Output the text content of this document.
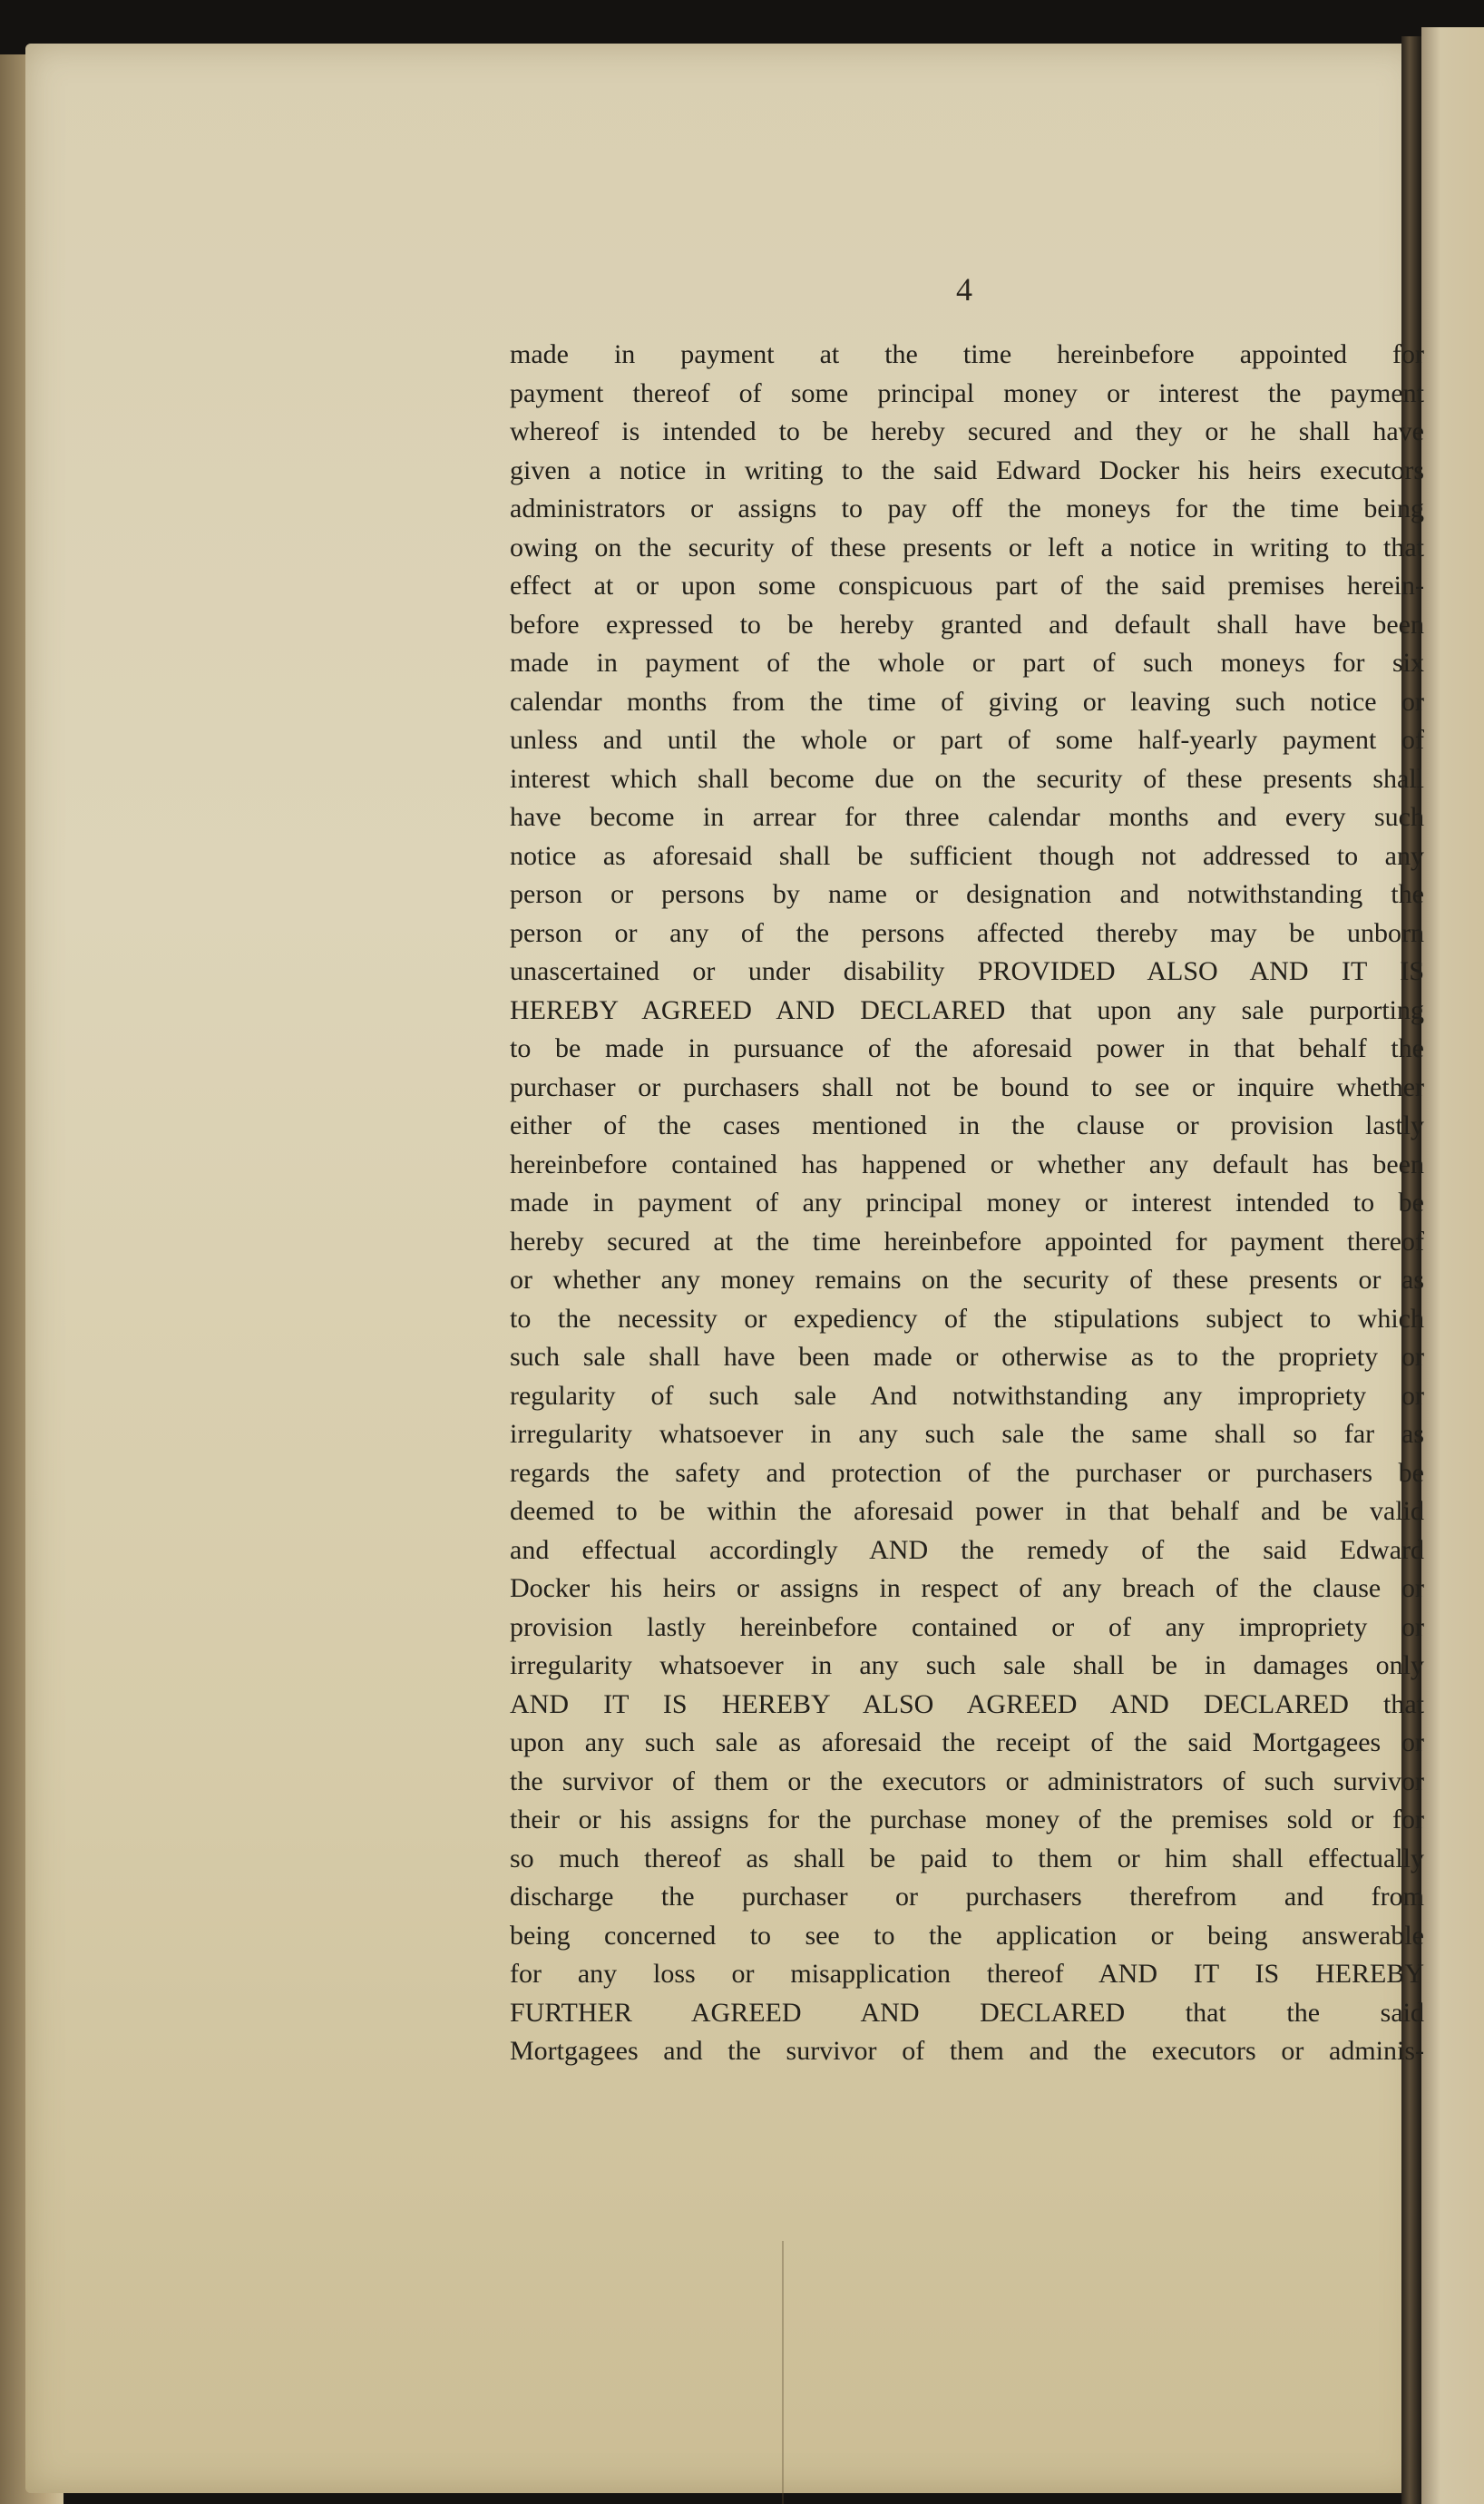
4
made in payment at the time hereinbefore appointed for
payment thereof of some principal money or interest the payment
whereof is intended to be hereby secured and they or he shall have
given a notice in writing to the said Edward Docker his heirs executors
administrators or assigns to pay off the moneys for the time being
owing on the security of these presents or left a notice in writing to that
effect at or upon some conspicuous part of the said premises herein-
before expressed to be hereby granted and default shall have been
made in payment of the whole or part of such moneys for six
calendar months from the time of giving or leaving such notice or
unless and until the whole or part of some half-yearly payment of
interest which shall become due on the security of these presents shall
have become in arrear for three calendar months and every such
notice as aforesaid shall be sufficient though not addressed to any
person or persons by name or designation and notwithstanding the
person or any of the persons affected thereby may be unborn
unascertained or under disability PROVIDED ALSO AND IT IS
HEREBY AGREED AND DECLARED that upon any sale purporting
to be made in pursuance of the aforesaid power in that behalf the
purchaser or purchasers shall not be bound to see or inquire whether
either of the cases mentioned in the clause or provision lastly
hereinbefore contained has happened or whether any default has been
made in payment of any principal money or interest intended to be
hereby secured at the time hereinbefore appointed for payment thereof
or whether any money remains on the security of these presents or as
to the necessity or expediency of the stipulations subject to which
such sale shall have been made or otherwise as to the propriety or
regularity of such sale And notwithstanding any impropriety or
irregularity whatsoever in any such sale the same shall so far as
regards the safety and protection of the purchaser or purchasers be
deemed to be within the aforesaid power in that behalf and be valid
and effectual accordingly AND the remedy of the said Edward
Docker his heirs or assigns in respect of any breach of the clause or
provision lastly hereinbefore contained or of any impropriety or
irregularity whatsoever in any such sale shall be in damages only
AND IT IS HEREBY ALSO AGREED AND DECLARED that
upon any such sale as aforesaid the receipt of the said Mortgagees or
the survivor of them or the executors or administrators of such survivor
their or his assigns for the purchase money of the premises sold or for
so much thereof as shall be paid to them or him shall effectually
discharge the purchaser or purchasers therefrom and from
being concerned to see to the application or being answerable
for any loss or misapplication thereof AND IT IS HEREBY
FURTHER AGREED AND DECLARED that the said
Mortgagees and the survivor of them and the executors or adminis-
